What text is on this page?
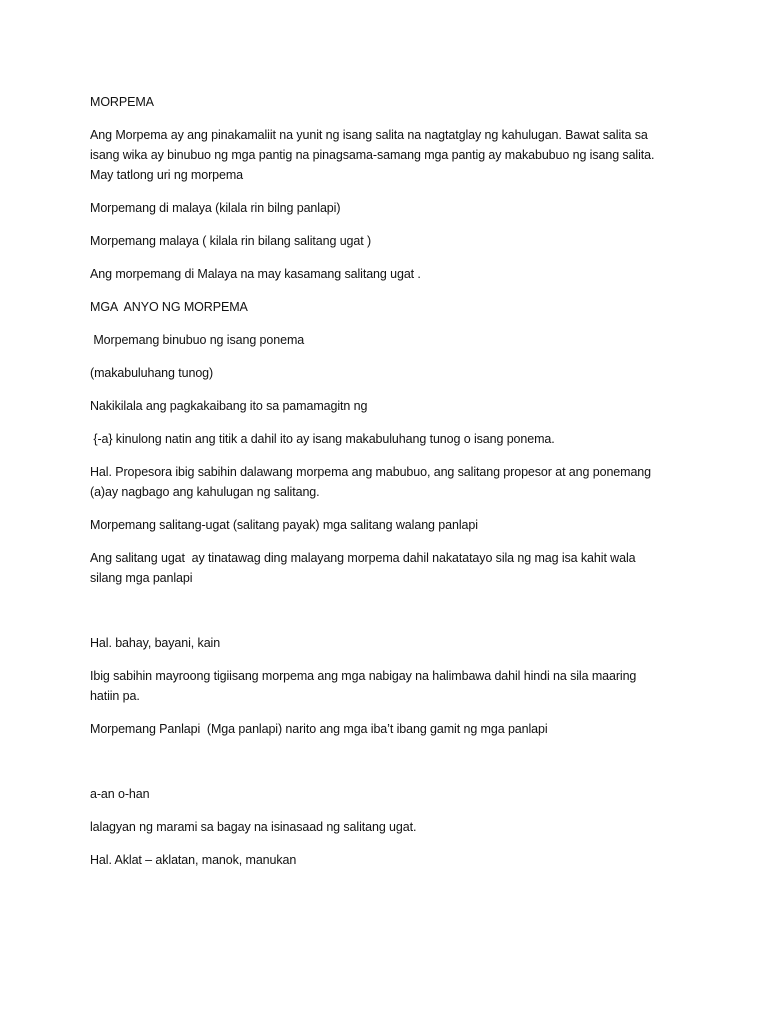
MORPEMA
Ang Morpema ay ang pinakamaliit na yunit ng isang salita na nagtatglay ng kahulugan. Bawat salita sa
isang wika ay binubuo ng mga pantig na pinagsama-samang mga pantig ay makabubuo ng isang salita.
May tatlong uri ng morpema
Morpemang di malaya (kilala rin bilng panlapi)
Morpemang malaya ( kilala rin bilang salitang ugat )
Ang morpemang di Malaya na may kasamang salitang ugat .
MGA  ANYO NG MORPEMA
Morpemang binubuo ng isang ponema
(makabuluhang tunog)
Nakikilala ang pagkakaibang ito sa pamamagitn ng
{-a} kinulong natin ang titik a dahil ito ay isang makabuluhang tunog o isang ponema.
Hal. Propesora ibig sabihin dalawang morpema ang mabubuo, ang salitang propesor at ang ponemang
(a)ay nagbago ang kahulugan ng salitang.
Morpemang salitang-ugat (salitang payak) mga salitang walang panlapi
Ang salitang ugat  ay tinatawag ding malayang morpema dahil nakatatayo sila ng mag isa kahit wala
silang mga panlapi
Hal. bahay, bayani, kain
Ibig sabihin mayroong tigiisang morpema ang mga nabigay na halimbawa dahil hindi na sila maaring
hatiin pa.
Morpemang Panlapi  (Mga panlapi) narito ang mga iba’t ibang gamit ng mga panlapi
a-an o-han
lalagyan ng marami sa bagay na isinasaad ng salitang ugat.
Hal. Aklat – aklatan, manok, manukan
